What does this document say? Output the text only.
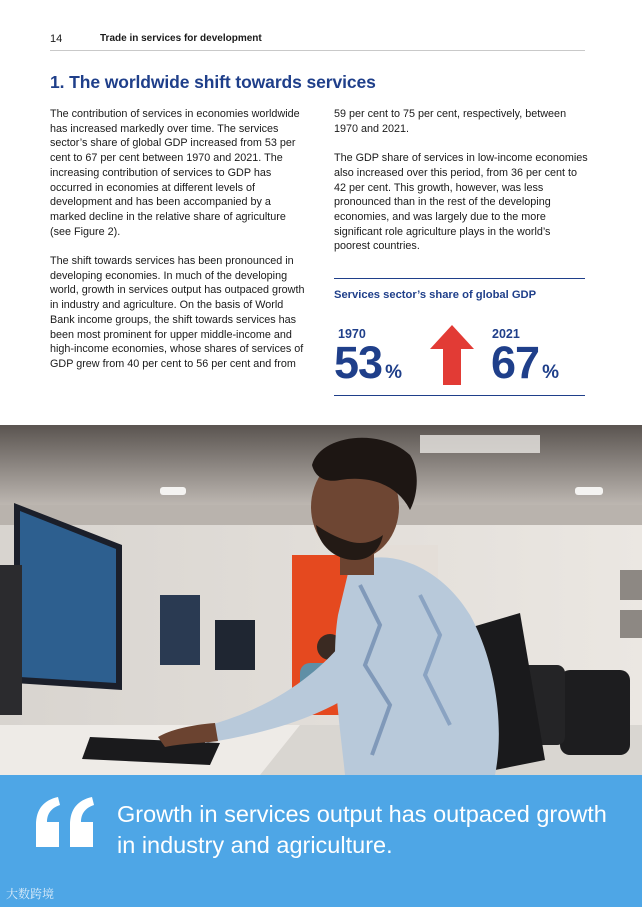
14	Trade in services for development
1. The worldwide shift towards services

The contribution of services in economies worldwide has increased markedly over time. The services sector’s share of global GDP increased from 53 per cent to 67 per cent between 1970 and 2021. The increasing contribution of services to GDP has occurred in economies at different levels of development and has been accompanied by a marked decline in the relative share of agriculture (see Figure 2).

The shift towards services has been pronounced in developing economies. In much of the developing world, growth in services output has outpaced growth in industry and agriculture. On the basis of World Bank income groups, the shift towards services has been most prominent for upper middle-income and high-income economies, whose shares of services of GDP grew from 40 per cent to 56 per cent and from

59 per cent to 75 per cent, respectively, between 1970 and 2021.

The GDP share of services in low-income economies also increased over this period, from 36 per cent to 42 per cent. This growth, however, was less pronounced than in the rest of the developing economies, and was largely due to the more significant role agriculture plays in the world’s poorest countries.

Services sector’s share of global GDP
1970
53 %
2021
67 %
Growth in services output has outpaced growth in industry and agriculture.
大数跨境
